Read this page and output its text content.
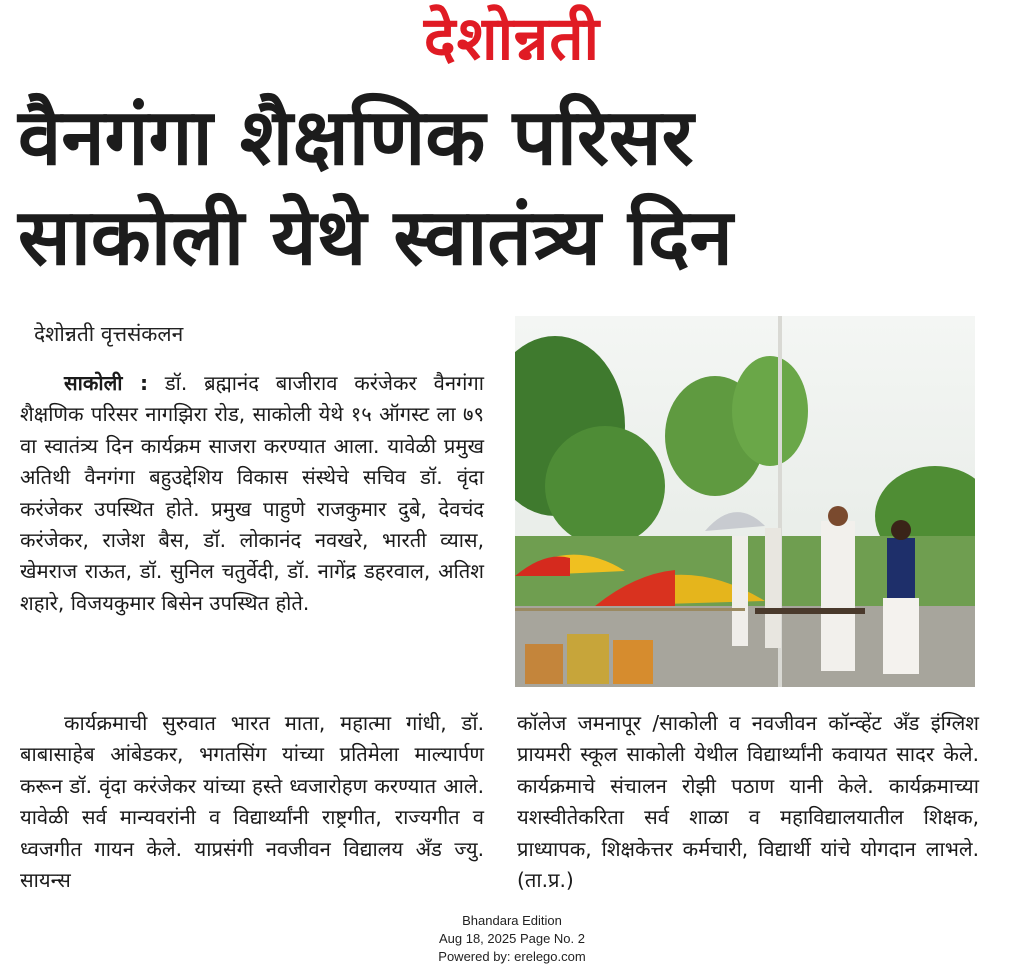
देशोन्नती
वैनगंगा शैक्षणिक परिसर
साकोली येथे स्वातंत्र्य दिन
देशोन्नती वृत्तसंकलन

साकोली : डॉ. ब्रह्मानंद बाजीराव करंजेकर वैनगंगा शैक्षणिक परिसर नागझिरा रोड, साकोली येथे १५ ऑगस्ट ला ७९ वा स्वातंत्र्य दिन कार्यक्रम साजरा करण्यात आला. यावेळी प्रमुख अतिथी वैनगंगा बहुउद्देशिय विकास संस्थेचे सचिव डॉ. वृंदा करंजेकर उपस्थित होते. प्रमुख पाहुणे राजकुमार दुबे, देवचंद करंजेकर, राजेश बैस, डॉ. लोकानंद नवखरे, भारती व्यास, खेमराज राऊत, डॉ. सुनिल चतुर्वेदी, डॉ. नागेंद्र डहरवाल, अतिश शहारे, विजयकुमार बिसेन उपस्थित होते.

कार्यक्रमाची सुरुवात भारत माता, महात्मा गांधी, डॉ. बाबासाहेब आंबेडकर, भगतसिंग यांच्या प्रतिमेला माल्यार्पण करून डॉ. वृंदा करंजेकर यांच्या हस्ते ध्वजारोहण करण्यात आले. यावेळी सर्व मान्यवरांनी व विद्यार्थ्यांनी राष्ट्रगीत, राज्यगीत व ध्वजगीत गायन केले. याप्रसंगी नवजीवन विद्यालय अँड ज्यु. सायन्स

कॉलेज जमनापूर /साकोली व नवजीवन कॉन्व्हेंट अँड इंग्लिश प्रायमरी स्कूल साकोली येथील विद्यार्थ्यांनी कवायत सादर केले. कार्यक्रमाचे संचालन रोझी पठाण यानी केले. कार्यक्रमाच्या यशस्वीतेकरिता सर्व शाळा व महाविद्यालयातील शिक्षक, प्राध्यापक, शिक्षकेत्तर कर्मचारी, विद्यार्थी यांचे योगदान लाभले. (ता.प्र.)

Bhandara Edition
Aug 18, 2025 Page No. 2
Powered by: erelego.com
